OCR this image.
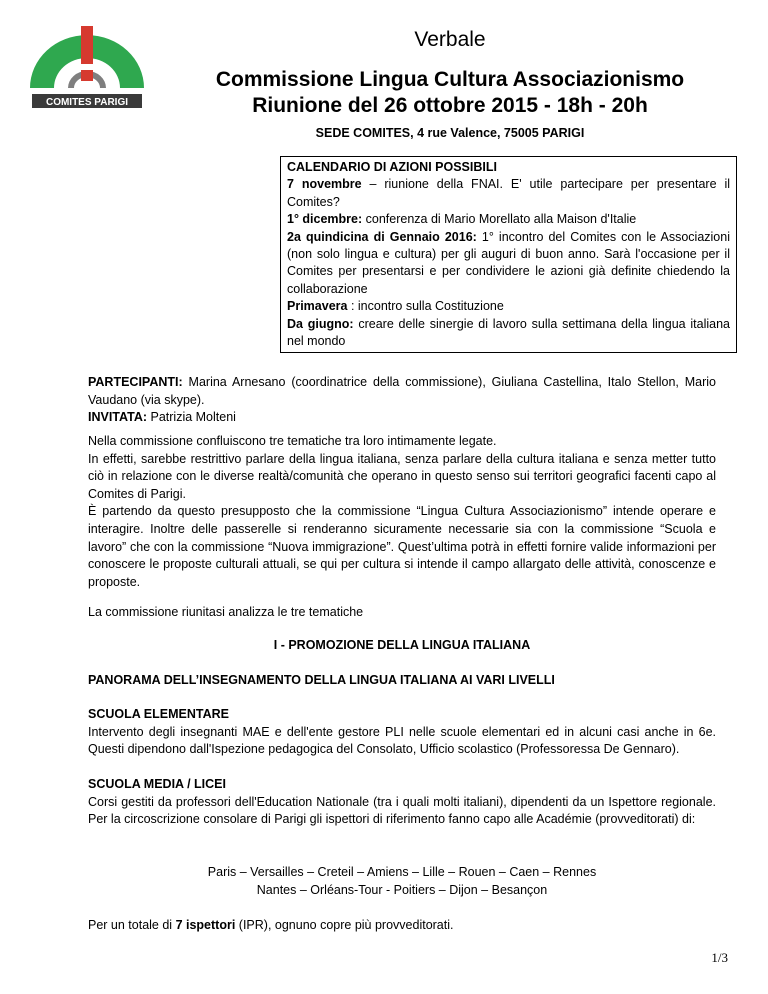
COMITES PARIGI
Verbale
Commissione Lingua Cultura Associazionismo
Riunione del 26 ottobre 2015 - 18h - 20h
SEDE COMITES, 4 rue Valence, 75005 PARIGI

CALENDARIO DI AZIONI POSSIBILI

7 novembre – riunione della FNAI. E' utile partecipare per presentare il Comites?

1° dicembre: conferenza di Mario Morellato alla Maison d'Italie

2a quindicina di Gennaio 2016: 1° incontro del Comites con le Associazioni (non solo lingua e cultura) per gli auguri di buon anno. Sarà l'occasione per il Comites per presentarsi e per condividere le azioni già definite chiedendo la collaborazione

Primavera : incontro sulla Costituzione

Da giugno: creare delle sinergie di lavoro sulla settimana della lingua italiana nel mondo

PARTECIPANTI: Marina Arnesano (coordinatrice della commissione), Giuliana Castellina, Italo Stellon, Mario Vaudano (via skype).

INVITATA: Patrizia Molteni

Nella commissione confluiscono tre tematiche tra loro intimamente legate.

In effetti, sarebbe restrittivo parlare della lingua italiana, senza parlare della cultura italiana e senza metter tutto ciò in relazione con le diverse realtà/comunità che operano in questo senso sui territori geografici facenti capo al Comites di Parigi.

È partendo da questo presupposto che la commissione “Lingua Cultura Associazionismo” intende operare e interagire. Inoltre delle passerelle si renderanno sicuramente necessarie sia con la commissione “Scuola e lavoro” che con la commissione “Nuova immigrazione”. Quest’ultima potrà in effetti fornire valide informazioni per conoscere le proposte culturali attuali, se qui per cultura si intende il campo allargato delle attività, conoscenze e proposte.

La commissione riunitasi analizza le tre tematiche
I - PROMOZIONE DELLA LINGUA ITALIANA
PANORAMA DELL’INSEGNAMENTO DELLA LINGUA ITALIANA AI VARI LIVELLI

SCUOLA ELEMENTARE

Intervento degli insegnanti MAE e dell'ente gestore PLI nelle scuole elementari ed in alcuni casi anche in 6e. Questi dipendono dall'Ispezione pedagogica del Consolato, Ufficio scolastico (Professoressa De Gennaro).

SCUOLA MEDIA / LICEI

Corsi gestiti da professori dell'Education Nationale (tra i quali molti italiani), dipendenti da un Ispettore regionale. Per la circoscrizione consolare di Parigi gli ispettori di riferimento fanno capo alle Académie (provveditorati) di:

Paris – Versailles – Creteil – Amiens – Lille – Rouen – Caen – Rennes

Nantes – Orléans-Tour - Poitiers – Dijon – Besançon

Per un totale di 7 ispettori (IPR), ognuno copre più provveditorati.

1/3
